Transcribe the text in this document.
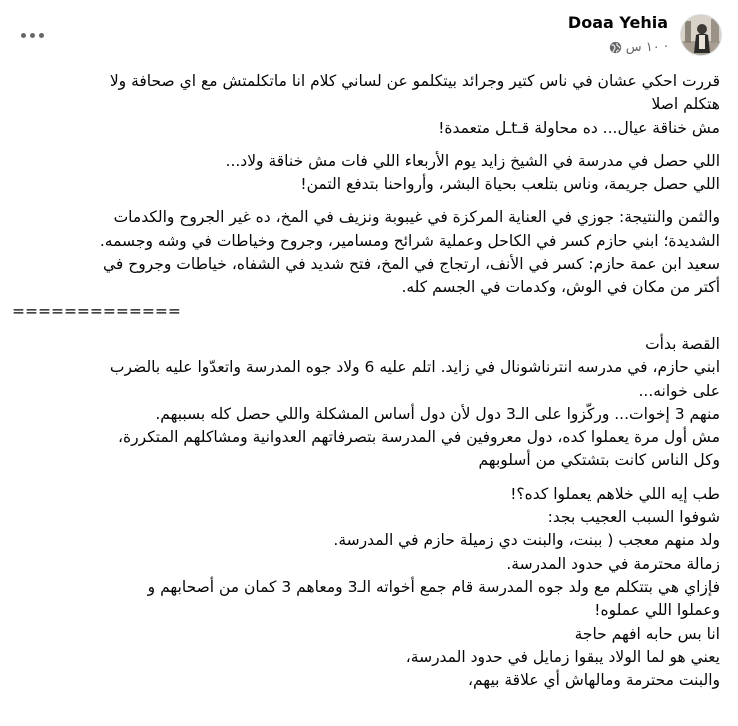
Doaa Yehia
١٠ س ·

قررت احكي عشان في ناس كتير وجرائد بيتكلمو عن لساني كلام انا ماتكلمتش مع اي صحافة ولا

هتكلم اصلا

مش خناقة عيال... ده محاولة قـtـل متعمدة!

اللي حصل في مدرسة في الشيخ زايد يوم الأربعاء اللي فات مش خناقة ولاد...

اللي حصل جريمة، وناس بتلعب بحياة البشر، وأرواحنا بتدفع التمن!

والثمن والنتيجة: جوزي في العناية المركزة في غيبوبة ونزيف في المخ، ده غير الجروح والكدمات

الشديدة؛ ابني حازم كسر في الكاحل وعملية شرائح ومسامير، وجروح وخياطات في وشه وجسمه.

سعيد ابن عمة حازم: كسر في الأنف، ارتجاج في المخ، فتح شديد في الشفاه، خياطات وجروح في

أكتر من مكان في الوش، وكدمات في الجسم كله.

=============

القصة بدأت

ابني حازم، في مدرسه انترناشونال في زايد. اتلم عليه 6 ولاد جوه المدرسة واتعدّوا عليه بالضرب

على خوانه...

منهم 3 إخوات... وركّزوا على الـ3 دول لأن دول أساس المشكلة واللي حصل كله بسببهم.

مش أول مرة يعملوا كده، دول معروفين في المدرسة بتصرفاتهم العدوانية ومشاكلهم المتكررة،

وكل الناس كانت بتشتكي من أسلوبهم

طب إيه اللي خلاهم يعملوا كده؟!

شوفوا السبب العجيب بجد:

ولد منهم معجب ( ببنت، والبنت دي زميلة حازم في المدرسة.

زمالة محترمة في حدود المدرسة.

فإزاي هي بتتكلم مع ولد جوه المدرسة قام جمع أخواته الـ3 ومعاهم 3 كمان من أصحابهم و

وعملوا اللي عملوه!

انا بس حابه افهم حاجة

يعني هو لما الولاد يبقوا زمايل في حدود المدرسة،

والبنت محترمة ومالهاش أي علاقة بيهم،
